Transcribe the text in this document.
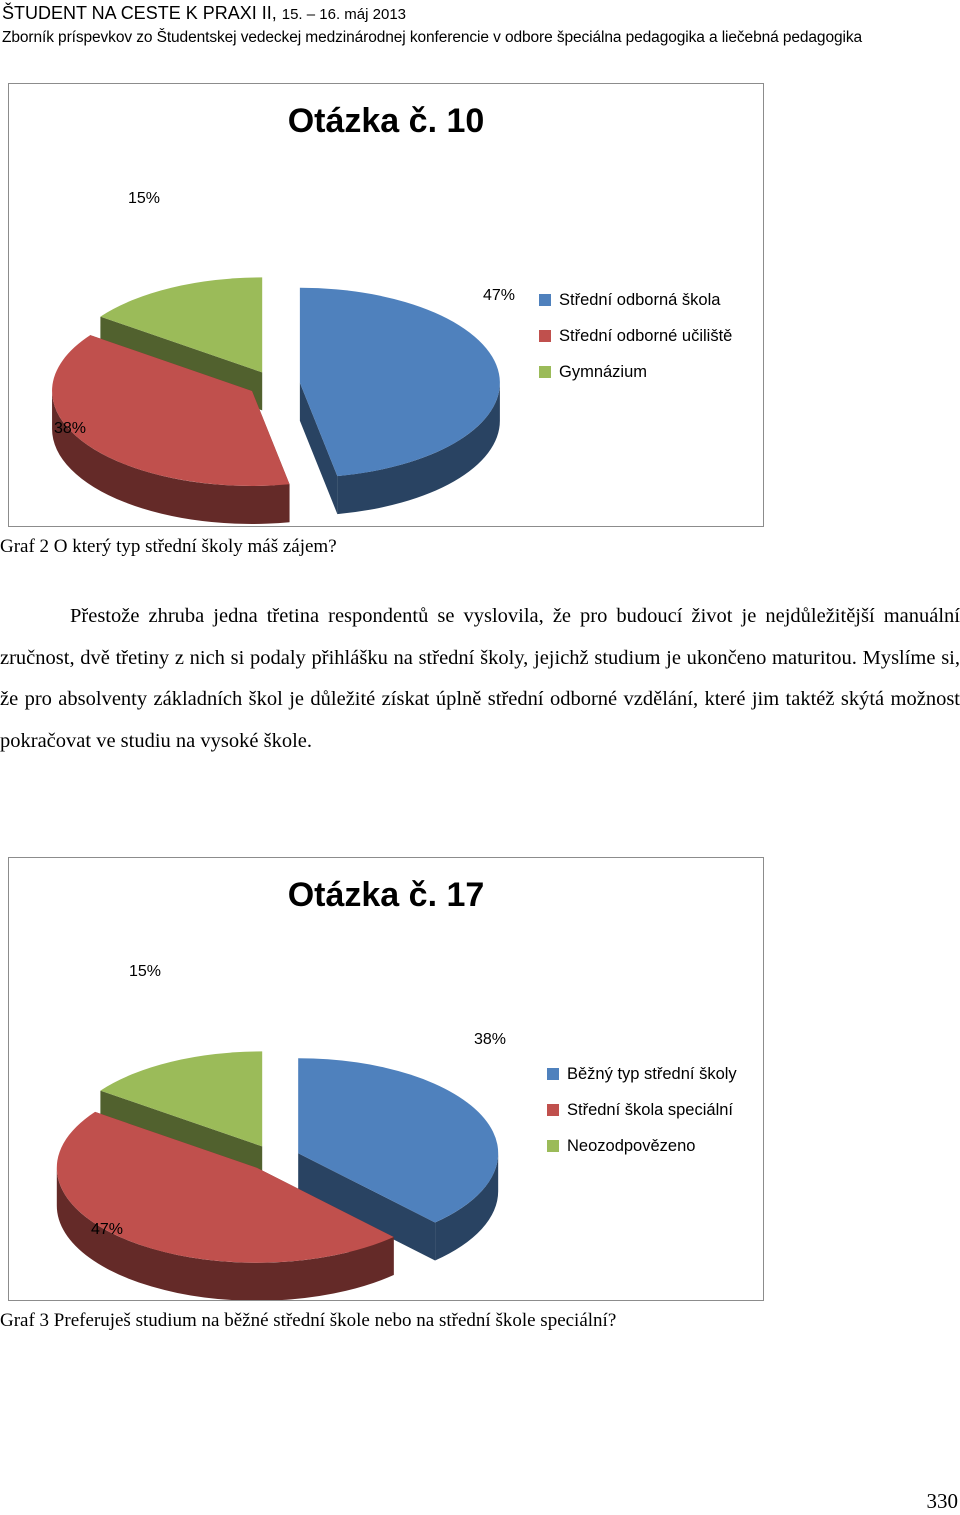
ŠTUDENT NA CESTE K PRAXI II, 15. – 16. máj 2013
Zborník príspevkov zo Študentskej vedeckej medzinárodnej konferencie v odbore špeciálna pedagogika a liečebná pedagogika
Otázka č. 10
47%
38%
15%
Střední odborná škola
Střední odborné učiliště
Gymnázium
Graf 2 O který typ střední školy máš zájem?

Přestože zhruba jedna třetina respondentů se vyslovila, že pro budoucí život je nejdůležitější manuální zručnost, dvě třetiny z nich si podaly přihlášku na střední školy, jejichž studium je ukončeno maturitou. Myslíme si, že pro absolventy základních škol je důležité získat úplně střední odborné vzdělání, které jim taktéž skýtá možnost pokračovat ve studiu na vysoké škole.

Otázka č. 17
38%
47%
15%
Běžný typ střední školy
Střední škola speciální
Neozodpovězeno
Graf 3 Preferuješ studium na běžné střední škole nebo na střední škole speciální?
330
